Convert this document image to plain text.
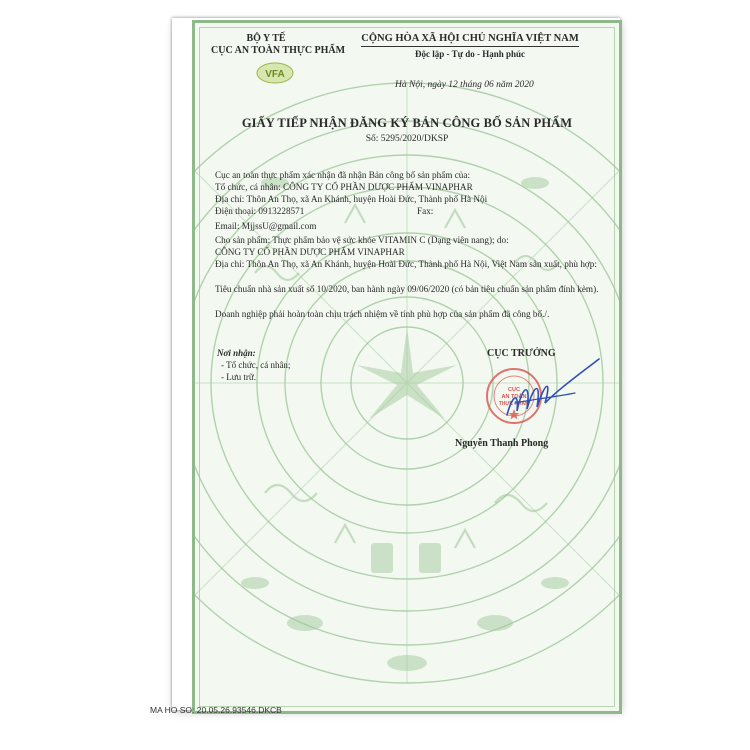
BỘ Y TẾ
CỤC AN TOÀN THỰC PHẨM
VFA
CỘNG HÒA XÃ HỘI CHỦ NGHĨA VIỆT NAM
Độc lập - Tự do - Hạnh phúc
Hà Nội, ngày 12 tháng 06 năm 2020
GIẤY TIẾP NHẬN ĐĂNG KÝ BẢN CÔNG BỐ SẢN PHẨM
Số: 5295/2020/DKSP
Cục an toàn thực phẩm xác nhận đã nhận Bản công bố sản phẩm của:
Tổ chức, cá nhân: CÔNG TY CỔ PHẦN DƯỢC PHẨM VINAPHAR
Địa chỉ: Thôn An Thọ, xã An Khánh, huyện Hoài Đức, Thành phố Hà Nội
Điện thoại: 0913228571	Fax:
Email: MjjssU@gmail.com
Cho sản phẩm: Thực phẩm bảo vệ sức khỏe VITAMIN C (Dạng viên nang); do:
CÔNG TY CỔ PHẦN DƯỢC PHẨM VINAPHAR
Địa chỉ: Thôn An Thọ, xã An Khánh, huyện Hoài Đức, Thành phố Hà Nội, Việt Nam sản xuất, phù hợp:
Tiêu chuẩn nhà sản xuất số 10/2020, ban hành ngày 09/06/2020 (có bản tiêu chuẩn sản phẩm đính kèm).
Doanh nghiệp phải hoàn toàn chịu trách nhiệm về tính phù hợp của sản phẩm đã công bố./.
Nơi nhận:
- Tổ chức, cá nhân;
- Lưu trữ.
CỤC TRƯỞNG
CỤC
AN TOÀN
THỰC PHẨM
Nguyễn Thanh Phong
MA HO SO: 20.05.26.93546.DKCB
